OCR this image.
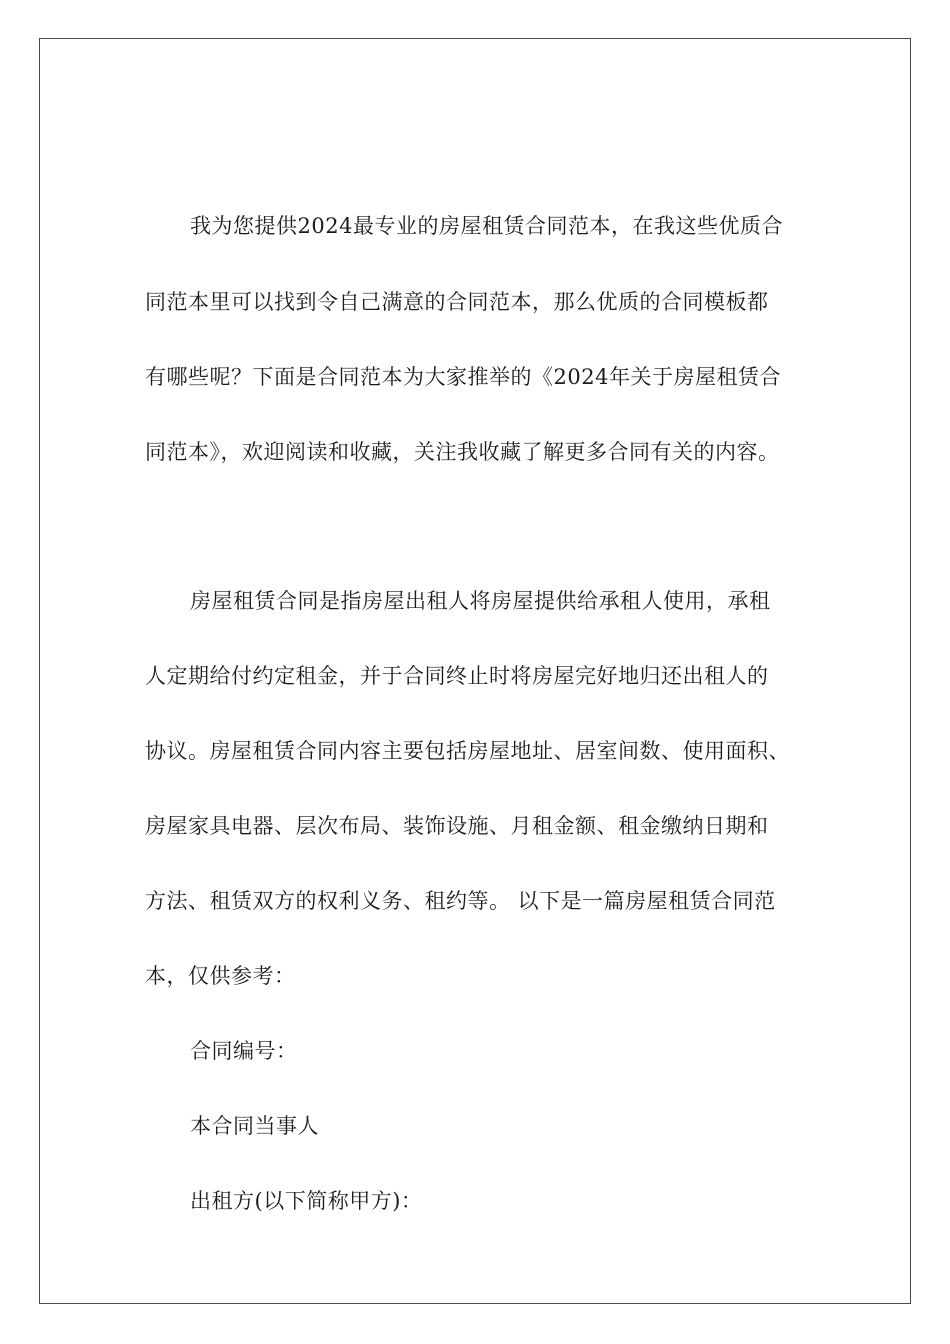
我为您提供2024最专业的房屋租赁合同范本，在我这些优质合
同范本里可以找到令自己满意的合同范本，那么优质的合同模板都
有哪些呢？下面是合同范本为大家推举的《2024年关于房屋租赁合
同范本》，欢迎阅读和收藏，关注我收藏了解更多合同有关的内容。
房屋租赁合同是指房屋出租人将房屋提供给承租人使用，承租
人定期给付约定租金，并于合同终止时将房屋完好地归还出租人的
协议。房屋租赁合同内容主要包括房屋地址、居室间数、使用面积、
房屋家具电器、层次布局、装饰设施、月租金额、租金缴纳日期和
方法、租赁双方的权利义务、租约等。 以下是一篇房屋租赁合同范
本，仅供参考：
合同编号：
本合同当事人
出租方(以下简称甲方)：
